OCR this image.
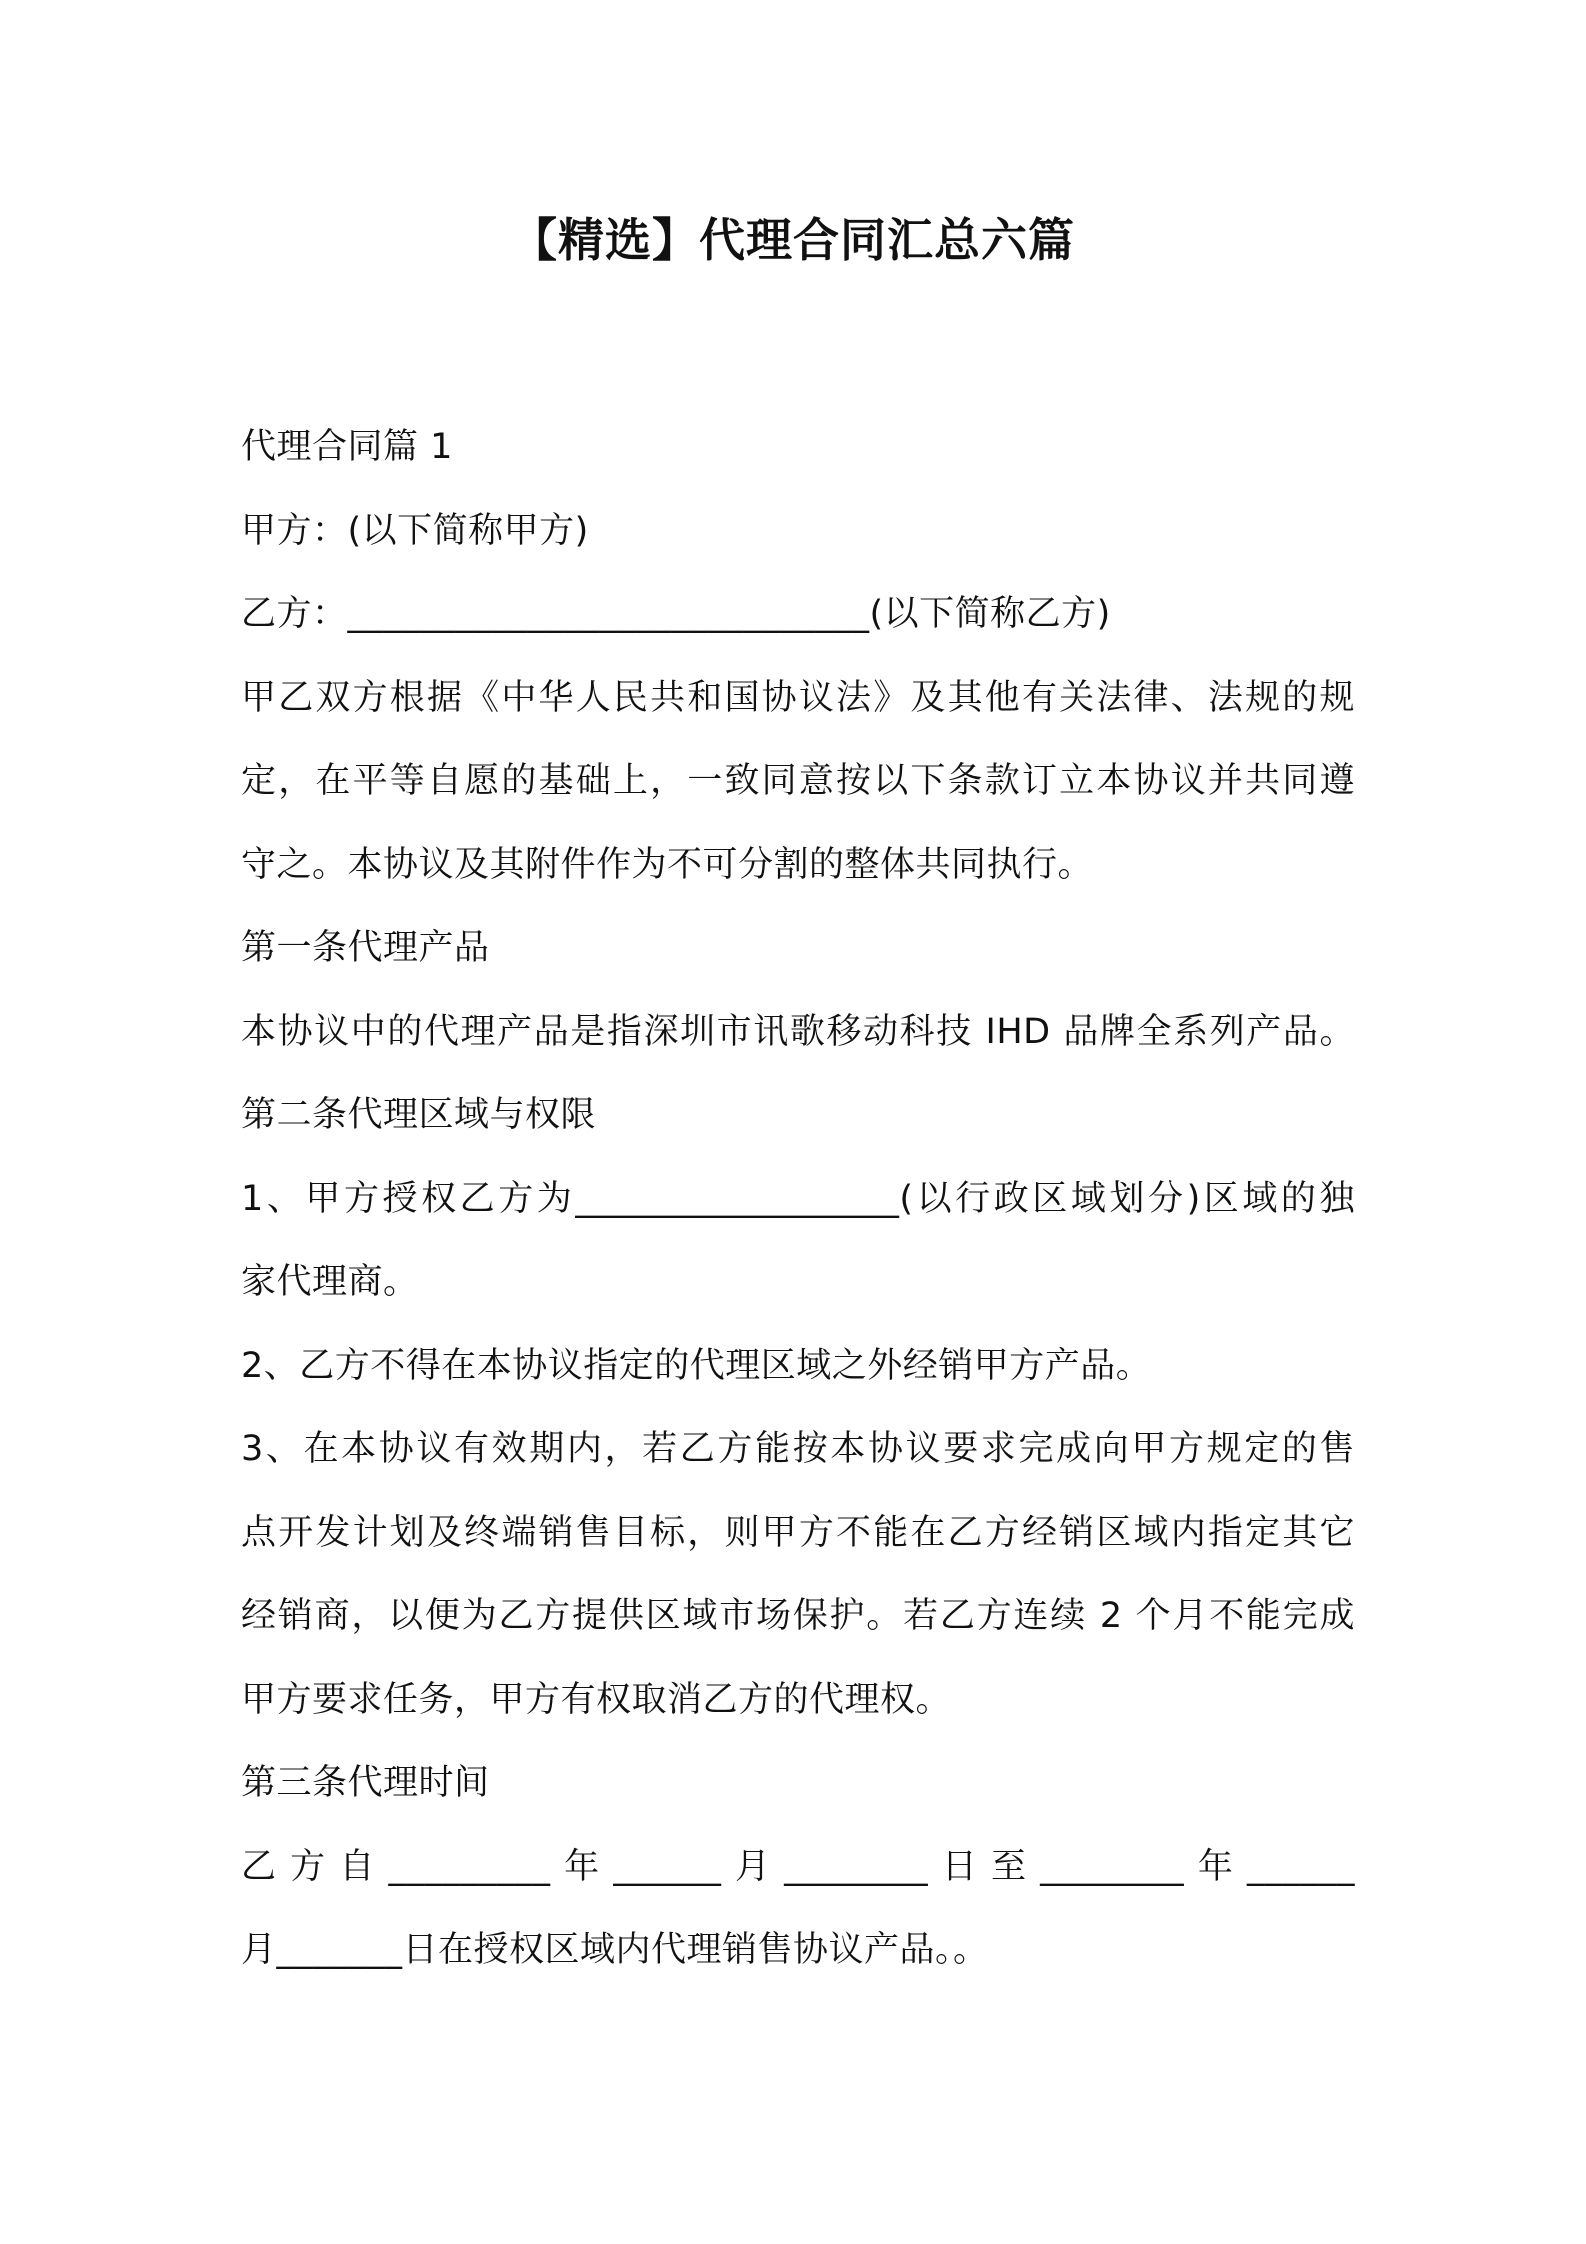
【精选】代理合同汇总六篇
代理合同篇 1
甲方：(以下简称甲方)
乙方：_____________________________(以下简称乙方)
甲乙双方根据《中华人民共和国协议法》及其他有关法律、法规的规
定，在平等自愿的基础上，一致同意按以下条款订立本协议并共同遵
守之。本协议及其附件作为不可分割的整体共同执行。
第一条代理产品
本协议中的代理产品是指深圳市讯歌移动科技 IHD 品牌全系列产品。
第二条代理区域与权限
1、甲方授权乙方为__________________(以行政区域划分)区域的独
家代理商。
2、乙方不得在本协议指定的代理区域之外经销甲方产品。
3、在本协议有效期内，若乙方能按本协议要求完成向甲方规定的售
点开发计划及终端销售目标，则甲方不能在乙方经销区域内指定其它
经销商，以便为乙方提供区域市场保护。若乙方连续 2 个月不能完成
甲方要求任务，甲方有权取消乙方的代理权。
第三条代理时间
乙方自_________年______月________日至________年______
月_______日在授权区域内代理销售协议产品。。
